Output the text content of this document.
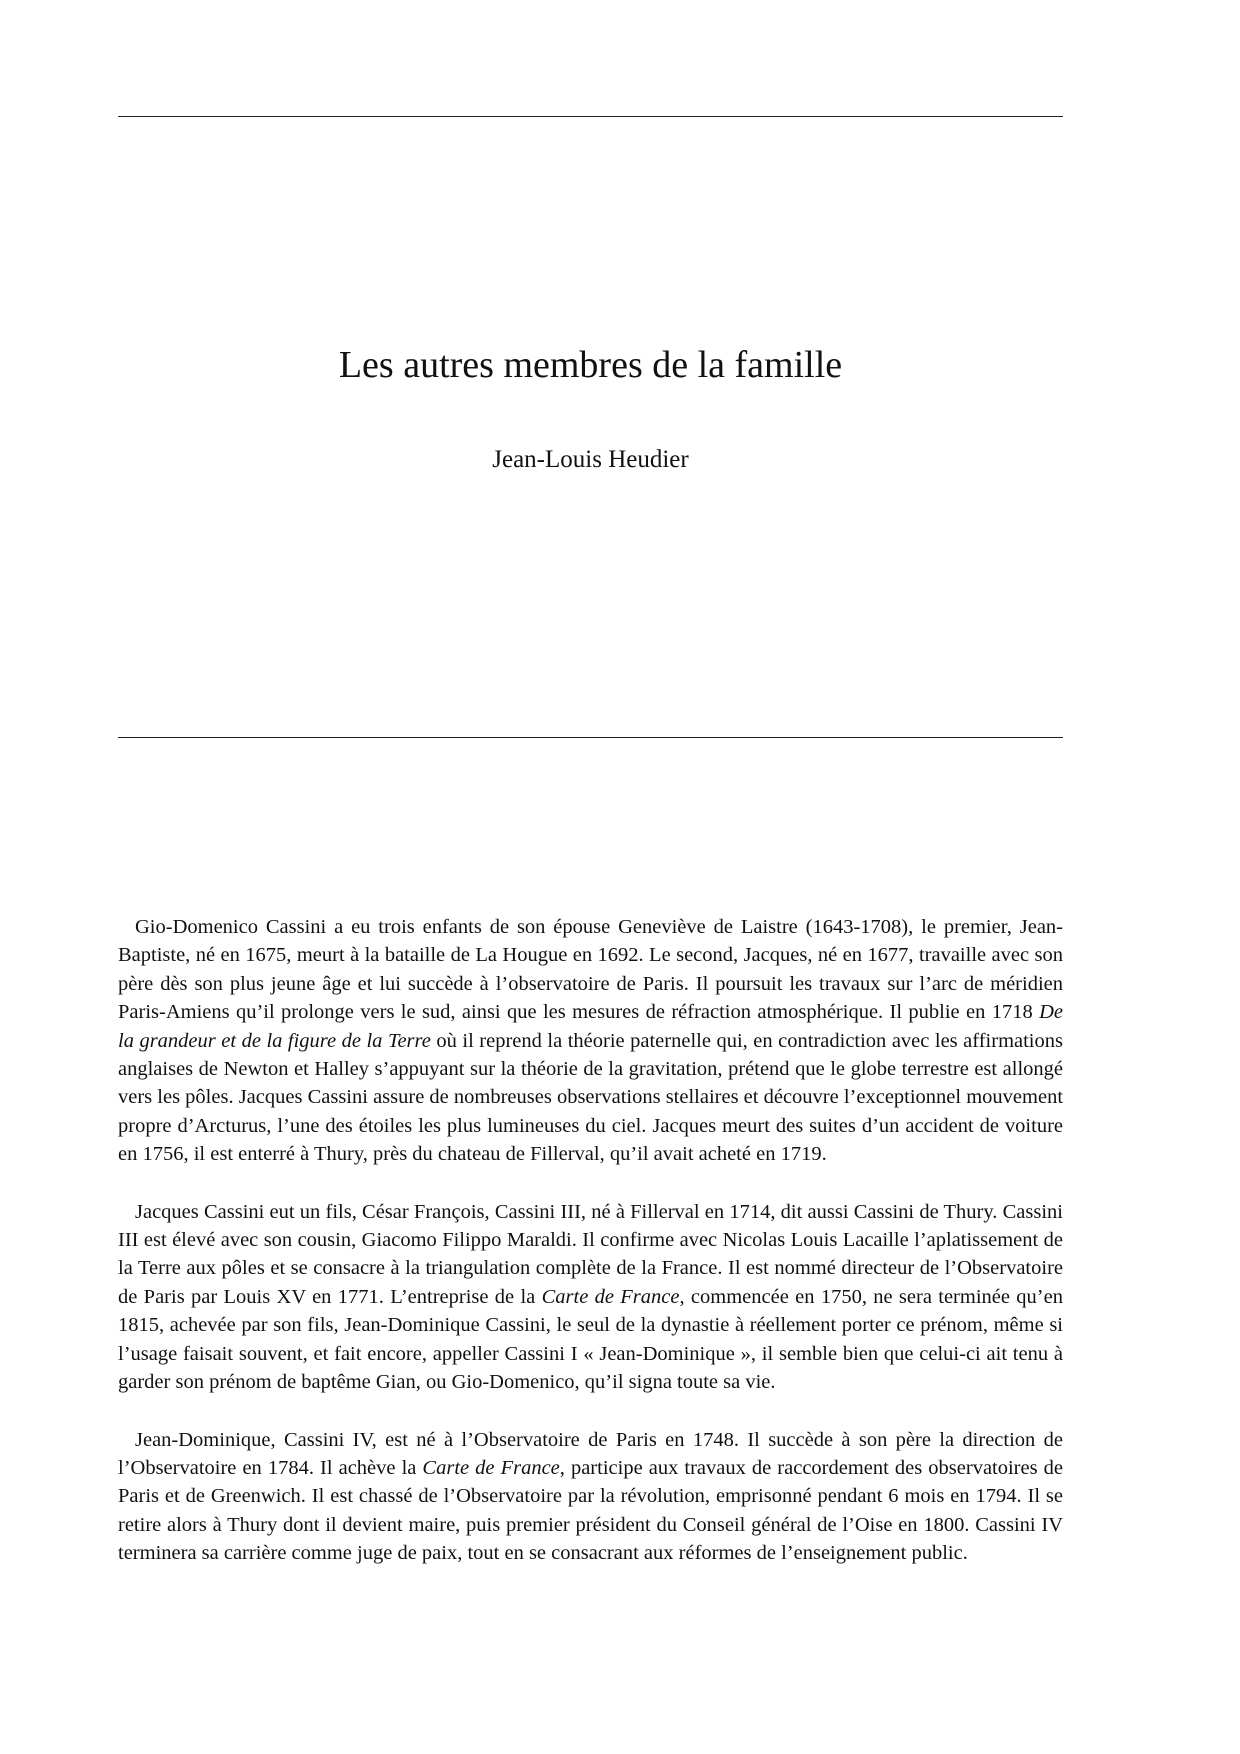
Les autres membres de la famille

Jean-Louis Heudier

Gio-Domenico Cassini a eu trois enfants de son épouse Geneviève de Laistre (1643-1708), le premier, Jean-Baptiste, né en 1675, meurt à la bataille de La Hougue en 1692. Le second, Jacques, né en 1677, travaille avec son père dès son plus jeune âge et lui succède à l’observatoire de Paris. Il poursuit les travaux sur l’arc de méridien Paris-Amiens qu’il prolonge vers le sud, ainsi que les mesures de réfraction atmosphérique. Il publie en 1718 De la grandeur et de la figure de la Terre où il reprend la théorie paternelle qui, en contradiction avec les affirmations anglaises de Newton et Halley s’appuyant sur la théorie de la gravitation, prétend que le globe terrestre est allongé vers les pôles. Jacques Cassini assure de nombreuses observations stellaires et découvre l’exceptionnel mouvement propre d’Arcturus, l’une des étoiles les plus lumineuses du ciel. Jacques meurt des suites d’un accident de voiture en 1756, il est enterré à Thury, près du chateau de Fillerval, qu’il avait acheté en 1719.

Jacques Cassini eut un fils, César François, Cassini III, né à Fillerval en 1714, dit aussi Cassini de Thury. Cassini III est élevé avec son cousin, Giacomo Filippo Maraldi. Il confirme avec Nicolas Louis Lacaille l’aplatissement de la Terre aux pôles et se consacre à la triangulation complète de la France. Il est nommé directeur de l’Observatoire de Paris par Louis XV en 1771. L’entreprise de la Carte de France, commencée en 1750, ne sera terminée qu’en 1815, achevée par son fils, Jean-Dominique Cassini, le seul de la dynastie à réellement porter ce prénom, même si l’usage faisait souvent, et fait encore, appeller Cassini I « Jean-Dominique », il semble bien que celui-ci ait tenu à garder son prénom de baptême Gian, ou Gio-Domenico, qu’il signa toute sa vie.

Jean-Dominique, Cassini IV, est né à l’Observatoire de Paris en 1748. Il succède à son père la direction de l’Observatoire en 1784. Il achève la Carte de France, participe aux travaux de raccordement des observatoires de Paris et de Greenwich. Il est chassé de l’Observatoire par la révolution, emprisonné pendant 6 mois en 1794. Il se retire alors à Thury dont il devient maire, puis premier président du Conseil général de l’Oise en 1800. Cassini IV terminera sa carrière comme juge de paix, tout en se consacrant aux réformes de l’enseignement public.
